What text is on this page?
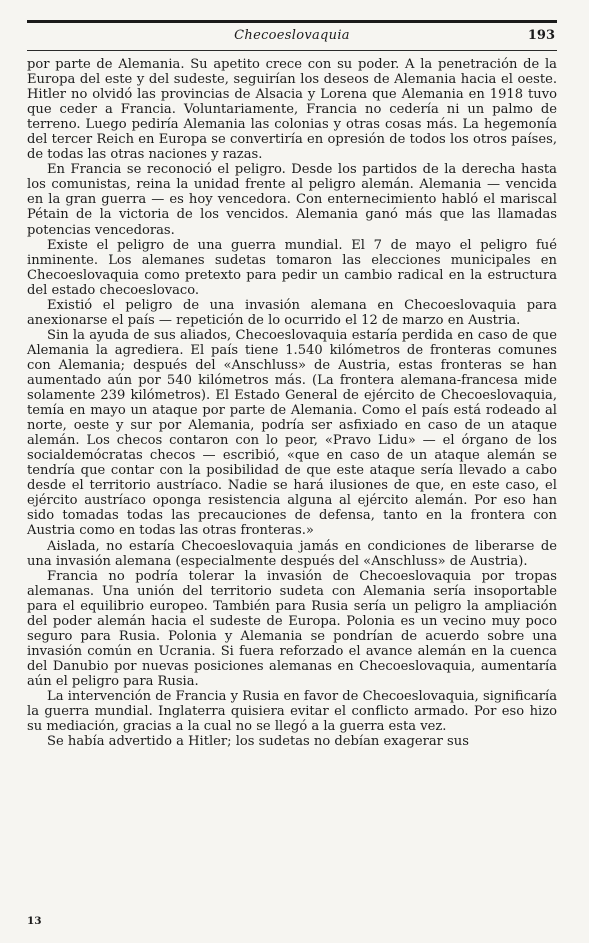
Checoeslovaquia	193

por parte de Alemania. Su apetito crece con su poder. A la penetración de la Europa del este y del sudeste, seguirían los deseos de Alemania hacia el oeste. Hitler no olvidó las provincias de Alsacia y Lorena que Alemania en 1918 tuvo que ceder a Francia. Voluntariamente, Francia no cedería ni un palmo de terreno. Luego pediría Alemania las colonias y otras cosas más. La hegemonía del tercer Reich en Europa se convertiría en opresión de todos los otros países, de todas las otras naciones y razas.

En Francia se reconoció el peligro. Desde los partidos de la derecha hasta los comunistas, reina la unidad frente al peligro alemán. Alemania — vencida en la gran guerra — es hoy vencedora. Con enternecimiento habló el mariscal Pétain de la victoria de los vencidos. Alemania ganó más que las llamadas potencias vencedoras.

Existe el peligro de una guerra mundial. El 7 de mayo el peligro fué inminente. Los alemanes sudetas tomaron las elecciones municipales en Checoeslovaquia como pretexto para pedir un cambio radical en la estructura del estado checoeslovaco.

Existió el peligro de una invasión alemana en Checoeslovaquia para anexionarse el país — repetición de lo ocurrido el 12 de marzo en Austria.

Sin la ayuda de sus aliados, Checoeslovaquia estaría perdida en caso de que Alemania la agrediera. El país tiene 1.540 kilómetros de fronteras comunes con Alemania; después del «Anschluss» de Austria, estas fronteras se han aumentado aún por 540 kilómetros más. (La frontera alemana-francesa mide solamente 239 kilómetros). El Estado General de ejército de Checoeslovaquia, temía en mayo un ataque por parte de Alemania. Como el país está rodeado al norte, oeste y sur por Alemania, podría ser asfixiado en caso de un ataque alemán. Los checos contaron con lo peor, «Pravo Lidu» — el órgano de los socialdemócratas checos — escribió, «que en caso de un ataque alemán se tendría que contar con la posibilidad de que este ataque sería llevado a cabo desde el territorio austríaco. Nadie se hará ilusiones de que, en este caso, el ejército austríaco oponga resistencia alguna al ejército alemán. Por eso han sido tomadas todas las precauciones de defensa, tanto en la frontera con Austria como en todas las otras fronteras.»

Aislada, no estaría Checoeslovaquia jamás en condiciones de liberarse de una invasión alemana (especialmente después del «Anschluss» de Austria).

Francia no podría tolerar la invasión de Checoeslovaquia por tropas alemanas. Una unión del territorio sudeta con Alemania sería insoportable para el equilibrio europeo. También para Rusia sería un peligro la ampliación del poder alemán hacia el sudeste de Europa. Polonia es un vecino muy poco seguro para Rusia. Polonia y Alemania se pondrían de acuerdo sobre una invasión común en Ucrania. Si fuera reforzado el avance alemán en la cuenca del Danubio por nuevas posiciones alemanas en Checoeslovaquia, aumentaría aún el peligro para Rusia.

La intervención de Francia y Rusia en favor de Checoeslovaquia, significaría la guerra mundial. Inglaterra quisiera evitar el conflicto armado. Por eso hizo su mediación, gracias a la cual no se llegó a la guerra esta vez.

Se había advertido a Hitler; los sudetas no debían exagerar sus

13
